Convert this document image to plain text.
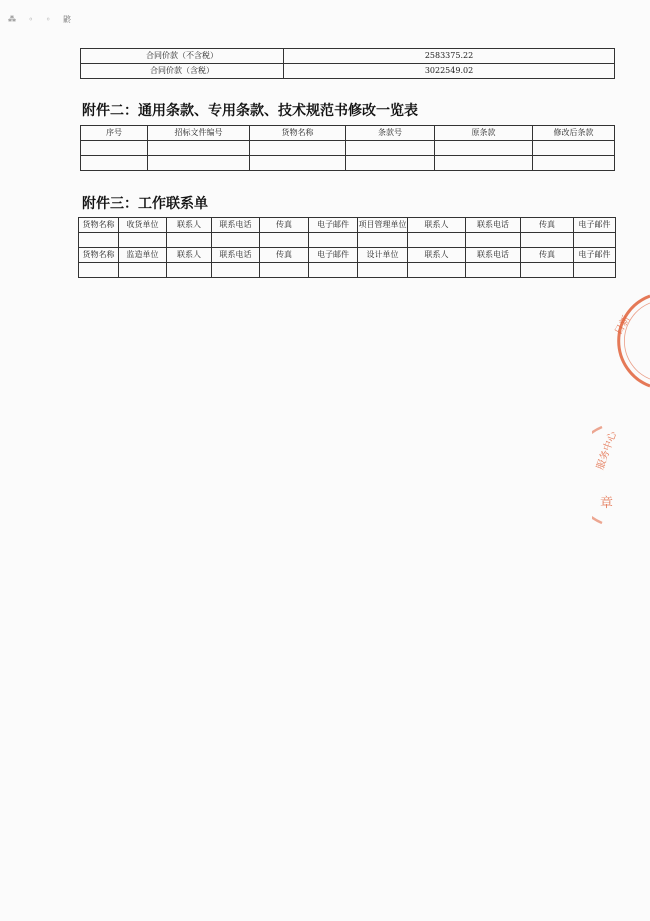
⁂ ◦ ◦ 鼨
合同价款（不含税）	2583375.22
合同价款（含税）	3022549.02
附件二：通用条款、专用条款、技术规范书修改一览表
序号	招标文件编号	货物名称	条款号	原条款	修改后条款

附件三：工作联系单
货物名称	收货单位	联系人	联系电话	传真	电子邮件	项目管理单位	联系人	联系电话	传真	电子邮件

货物名称	监造单位	联系人	联系电话	传真	电子邮件	设计单位	联系人	联系电话	传真	电子邮件

日新
服务中心
章
